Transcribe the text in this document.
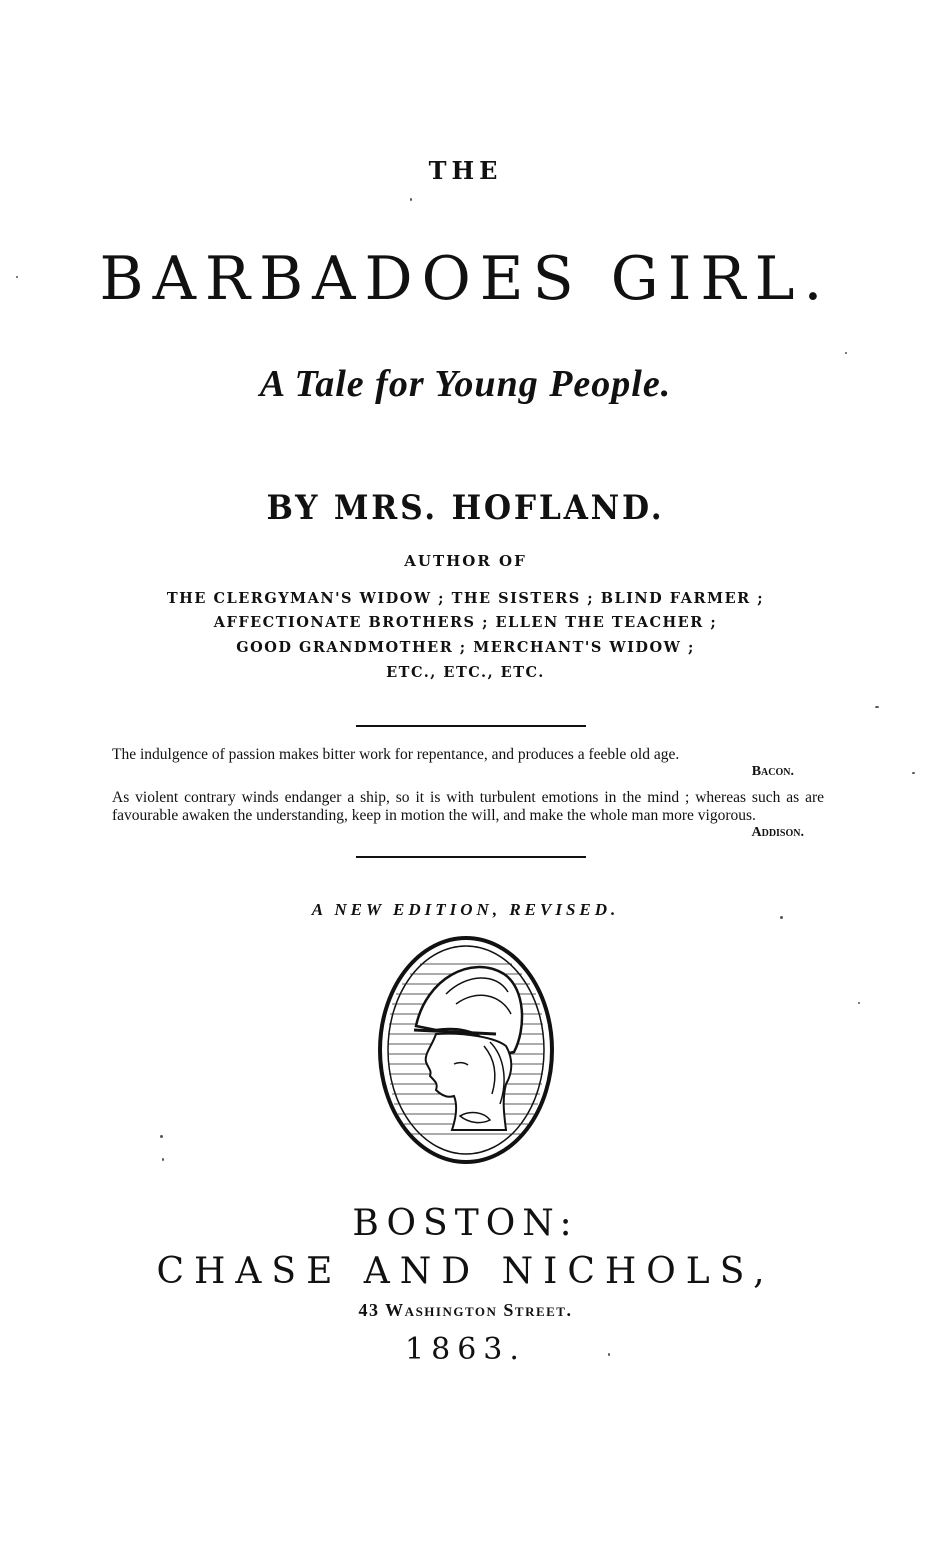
THE
BARBADOES GIRL.
A Tale for Young People.
BY MRS. HOFLAND.
AUTHOR OF
THE CLERGYMAN'S WIDOW ; THE SISTERS ; BLIND FARMER ;
AFFECTIONATE BROTHERS ; ELLEN THE TEACHER ;
GOOD GRANDMOTHER ; MERCHANT'S WIDOW ;
ETC., ETC., ETC.
The indulgence of passion makes bitter work for repentance, and produces a feeble old age.
Bacon.
As violent contrary winds endanger a ship, so it is with turbulent emotions in the mind ; whereas such as are favourable awaken the understanding, keep in motion the will, and make the whole man more vigorous.
Addison.
A NEW EDITION, REVISED.
BOSTON:
CHASE AND NICHOLS,
43 Washington Street.
1863.
